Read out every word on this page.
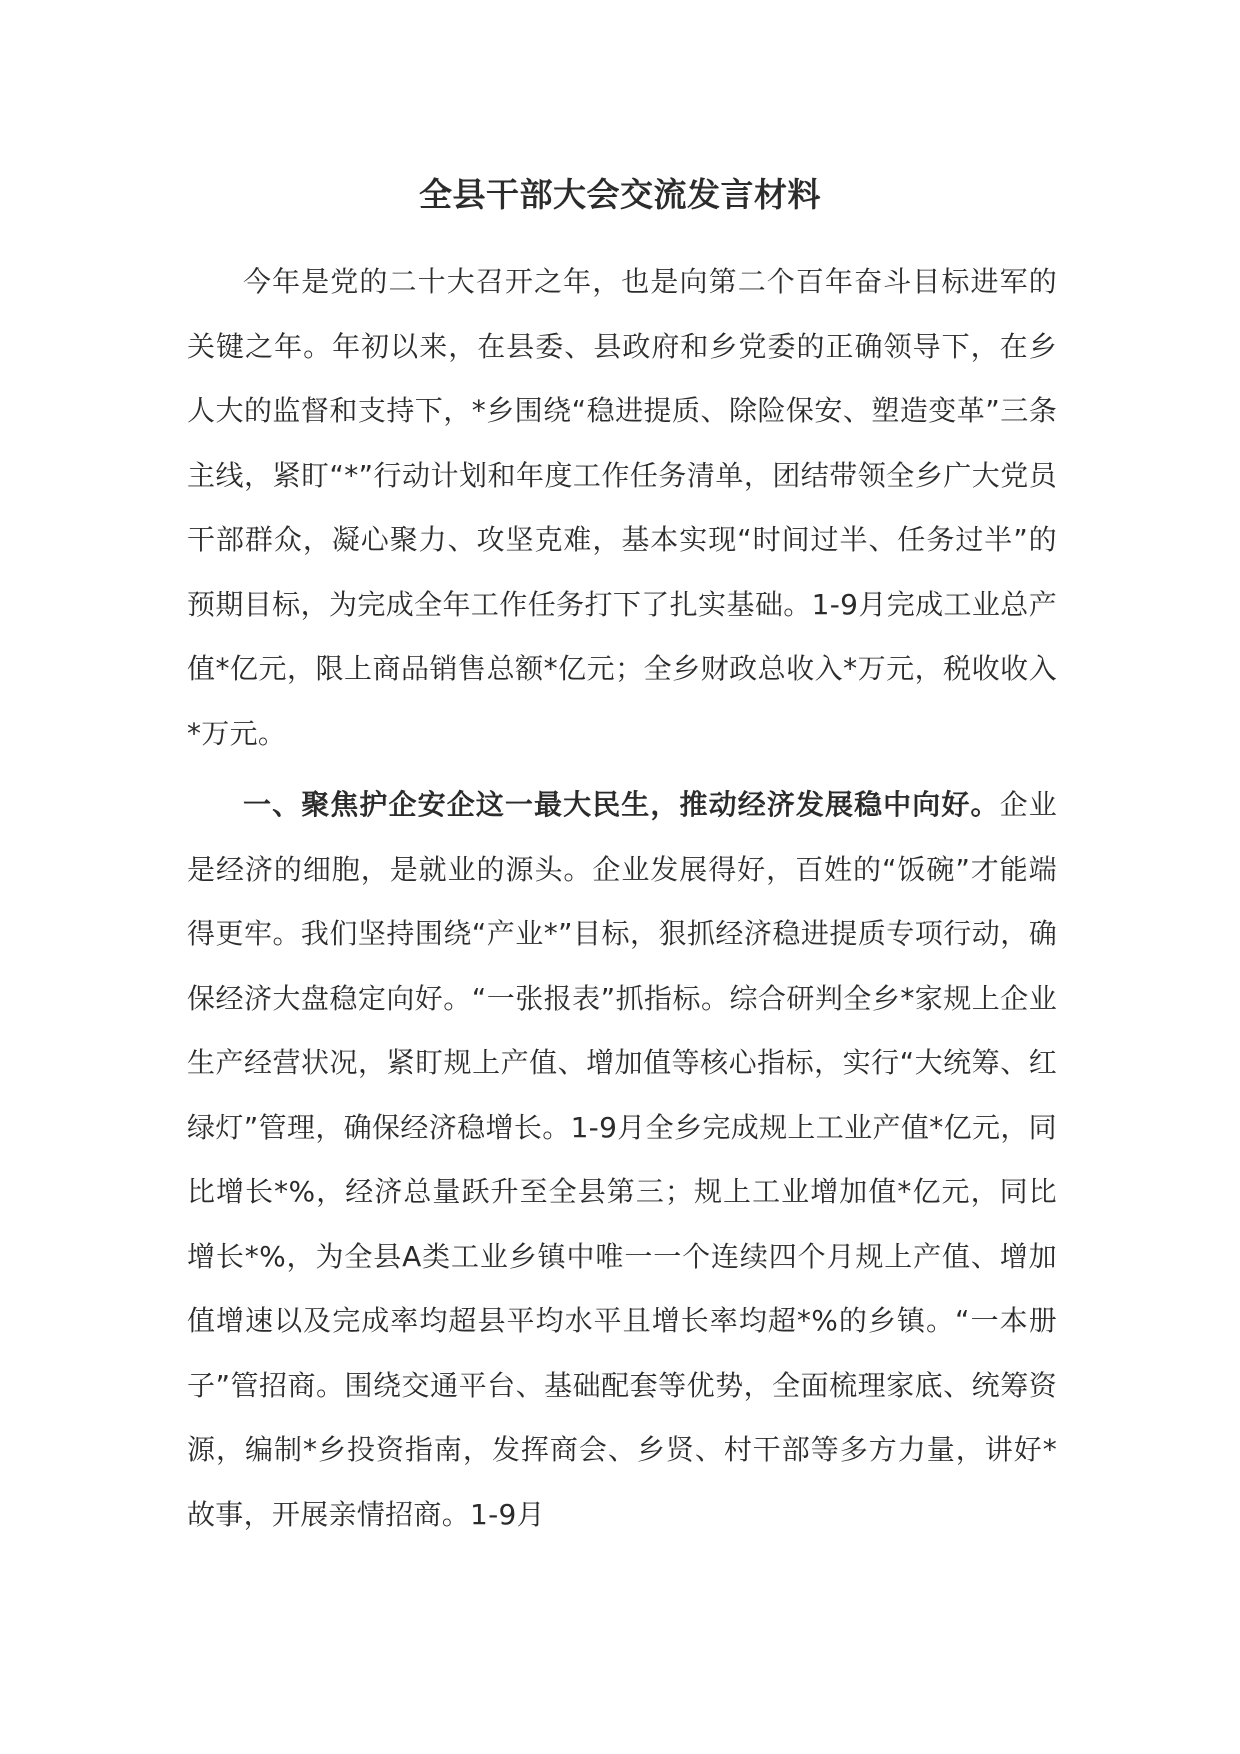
全县干部大会交流发言材料

今年是党的二十大召开之年，也是向第二个百年奋斗目标进军的关键之年。年初以来，在县委、县政府和乡党委的正确领导下，在乡人大的监督和支持下，*乡围绕“稳进提质、除险保安、塑造变革”三条主线，紧盯“*”行动计划和年度工作任务清单，团结带领全乡广大党员干部群众，凝心聚力、攻坚克难，基本实现“时间过半、任务过半”的预期目标，为完成全年工作任务打下了扎实基础。1-9月完成工业总产值*亿元，限上商品销售总额*亿元；全乡财政总收入*万元，税收收入*万元。

一、聚焦护企安企这一最大民生，推动经济发展稳中向好。企业是经济的细胞，是就业的源头。企业发展得好，百姓的“饭碗”才能端得更牢。我们坚持围绕“产业*”目标，狠抓经济稳进提质专项行动，确保经济大盘稳定向好。“一张报表”抓指标。综合研判全乡*家规上企业生产经营状况，紧盯规上产值、增加值等核心指标，实行“大统筹、红绿灯”管理，确保经济稳增长。1-9月全乡完成规上工业产值*亿元，同比增长*%，经济总量跃升至全县第三；规上工业增加值*亿元，同比增长*%，为全县A类工业乡镇中唯一一个连续四个月规上产值、增加值增速以及完成率均超县平均水平且增长率均超*%的乡镇。“一本册子”管招商。围绕交通平台、基础配套等优势，全面梳理家底、统筹资源，编制*乡投资指南，发挥商会、乡贤、村干部等多方力量，讲好*故事，开展亲情招商。1-9月
